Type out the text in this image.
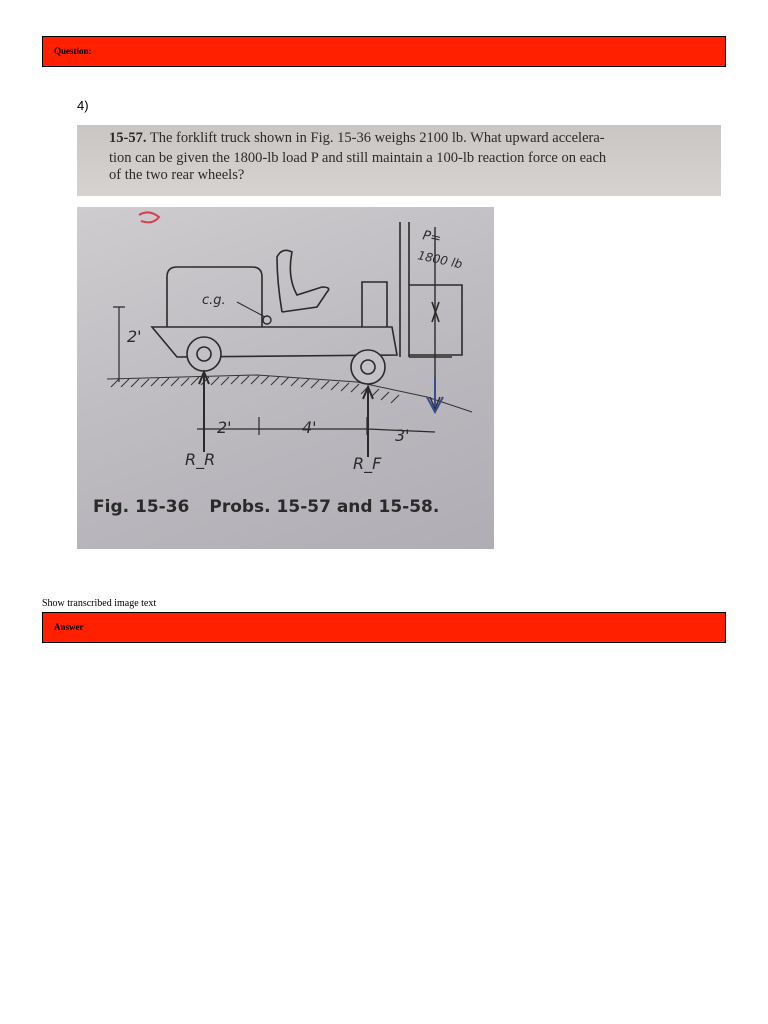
Question:
4)
15-57. The forklift truck shown in Fig. 15-36 weighs 2100 lb. What upward accelera-
tion can be given the 1800-lb load P and still maintain a 100-lb reaction force on each
of the two rear wheels?
P=
1800 lb
c.g.
2'
2'	4'	3'
R_R	R_F
Fig. 15-36 Probs. 15-57 and 15-58.
Show transcribed image text
Answer
